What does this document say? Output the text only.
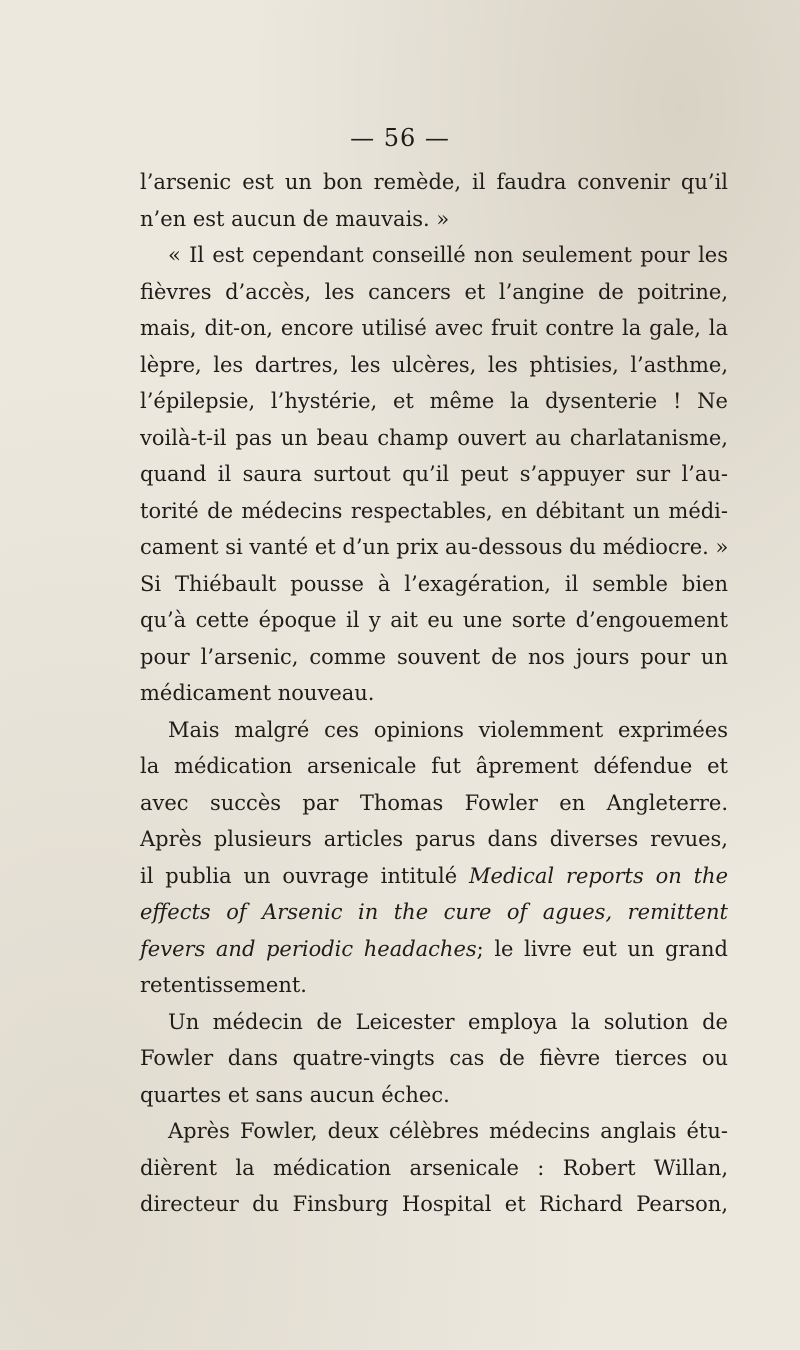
— 56 —
l’arsenic est un bon remède, il faudra convenir qu’il
n’en est aucun de mauvais. »
« Il est cependant conseillé non seulement pour les
fièvres d’accès, les cancers et l’angine de poitrine,
mais, dit-on, encore utilisé avec fruit contre la gale, la
lèpre, les dartres, les ulcères, les phtisies, l’asthme,
l’épilepsie, l’hystérie, et même la dysenterie ! Ne
voilà-t-il pas un beau champ ouvert au charlatanisme,
quand il saura surtout qu’il peut s’appuyer sur l’au-
torité de médecins respectables, en débitant un médi-
cament si vanté et d’un prix au-dessous du médiocre. »
Si Thiébault pousse à l’exagération, il semble bien
qu’à cette époque il y ait eu une sorte d’engouement
pour l’arsenic, comme souvent de nos jours pour un
médicament nouveau.
Mais malgré ces opinions violemment exprimées
la médication arsenicale fut âprement défendue et
avec succès par Thomas Fowler en Angleterre.
Après plusieurs articles parus dans diverses revues,
il publia un ouvrage intitulé Medical reports on the
effects of Arsenic in the cure of agues, remittent
fevers and periodic headaches; le livre eut un grand
retentissement.
Un médecin de Leicester employa la solution de
Fowler dans quatre-vingts cas de fièvre tierces ou
quartes et sans aucun échec.
Après Fowler, deux célèbres médecins anglais étu-
dièrent la médication arsenicale : Robert Willan,
directeur du Finsburg Hospital et Richard Pearson,
